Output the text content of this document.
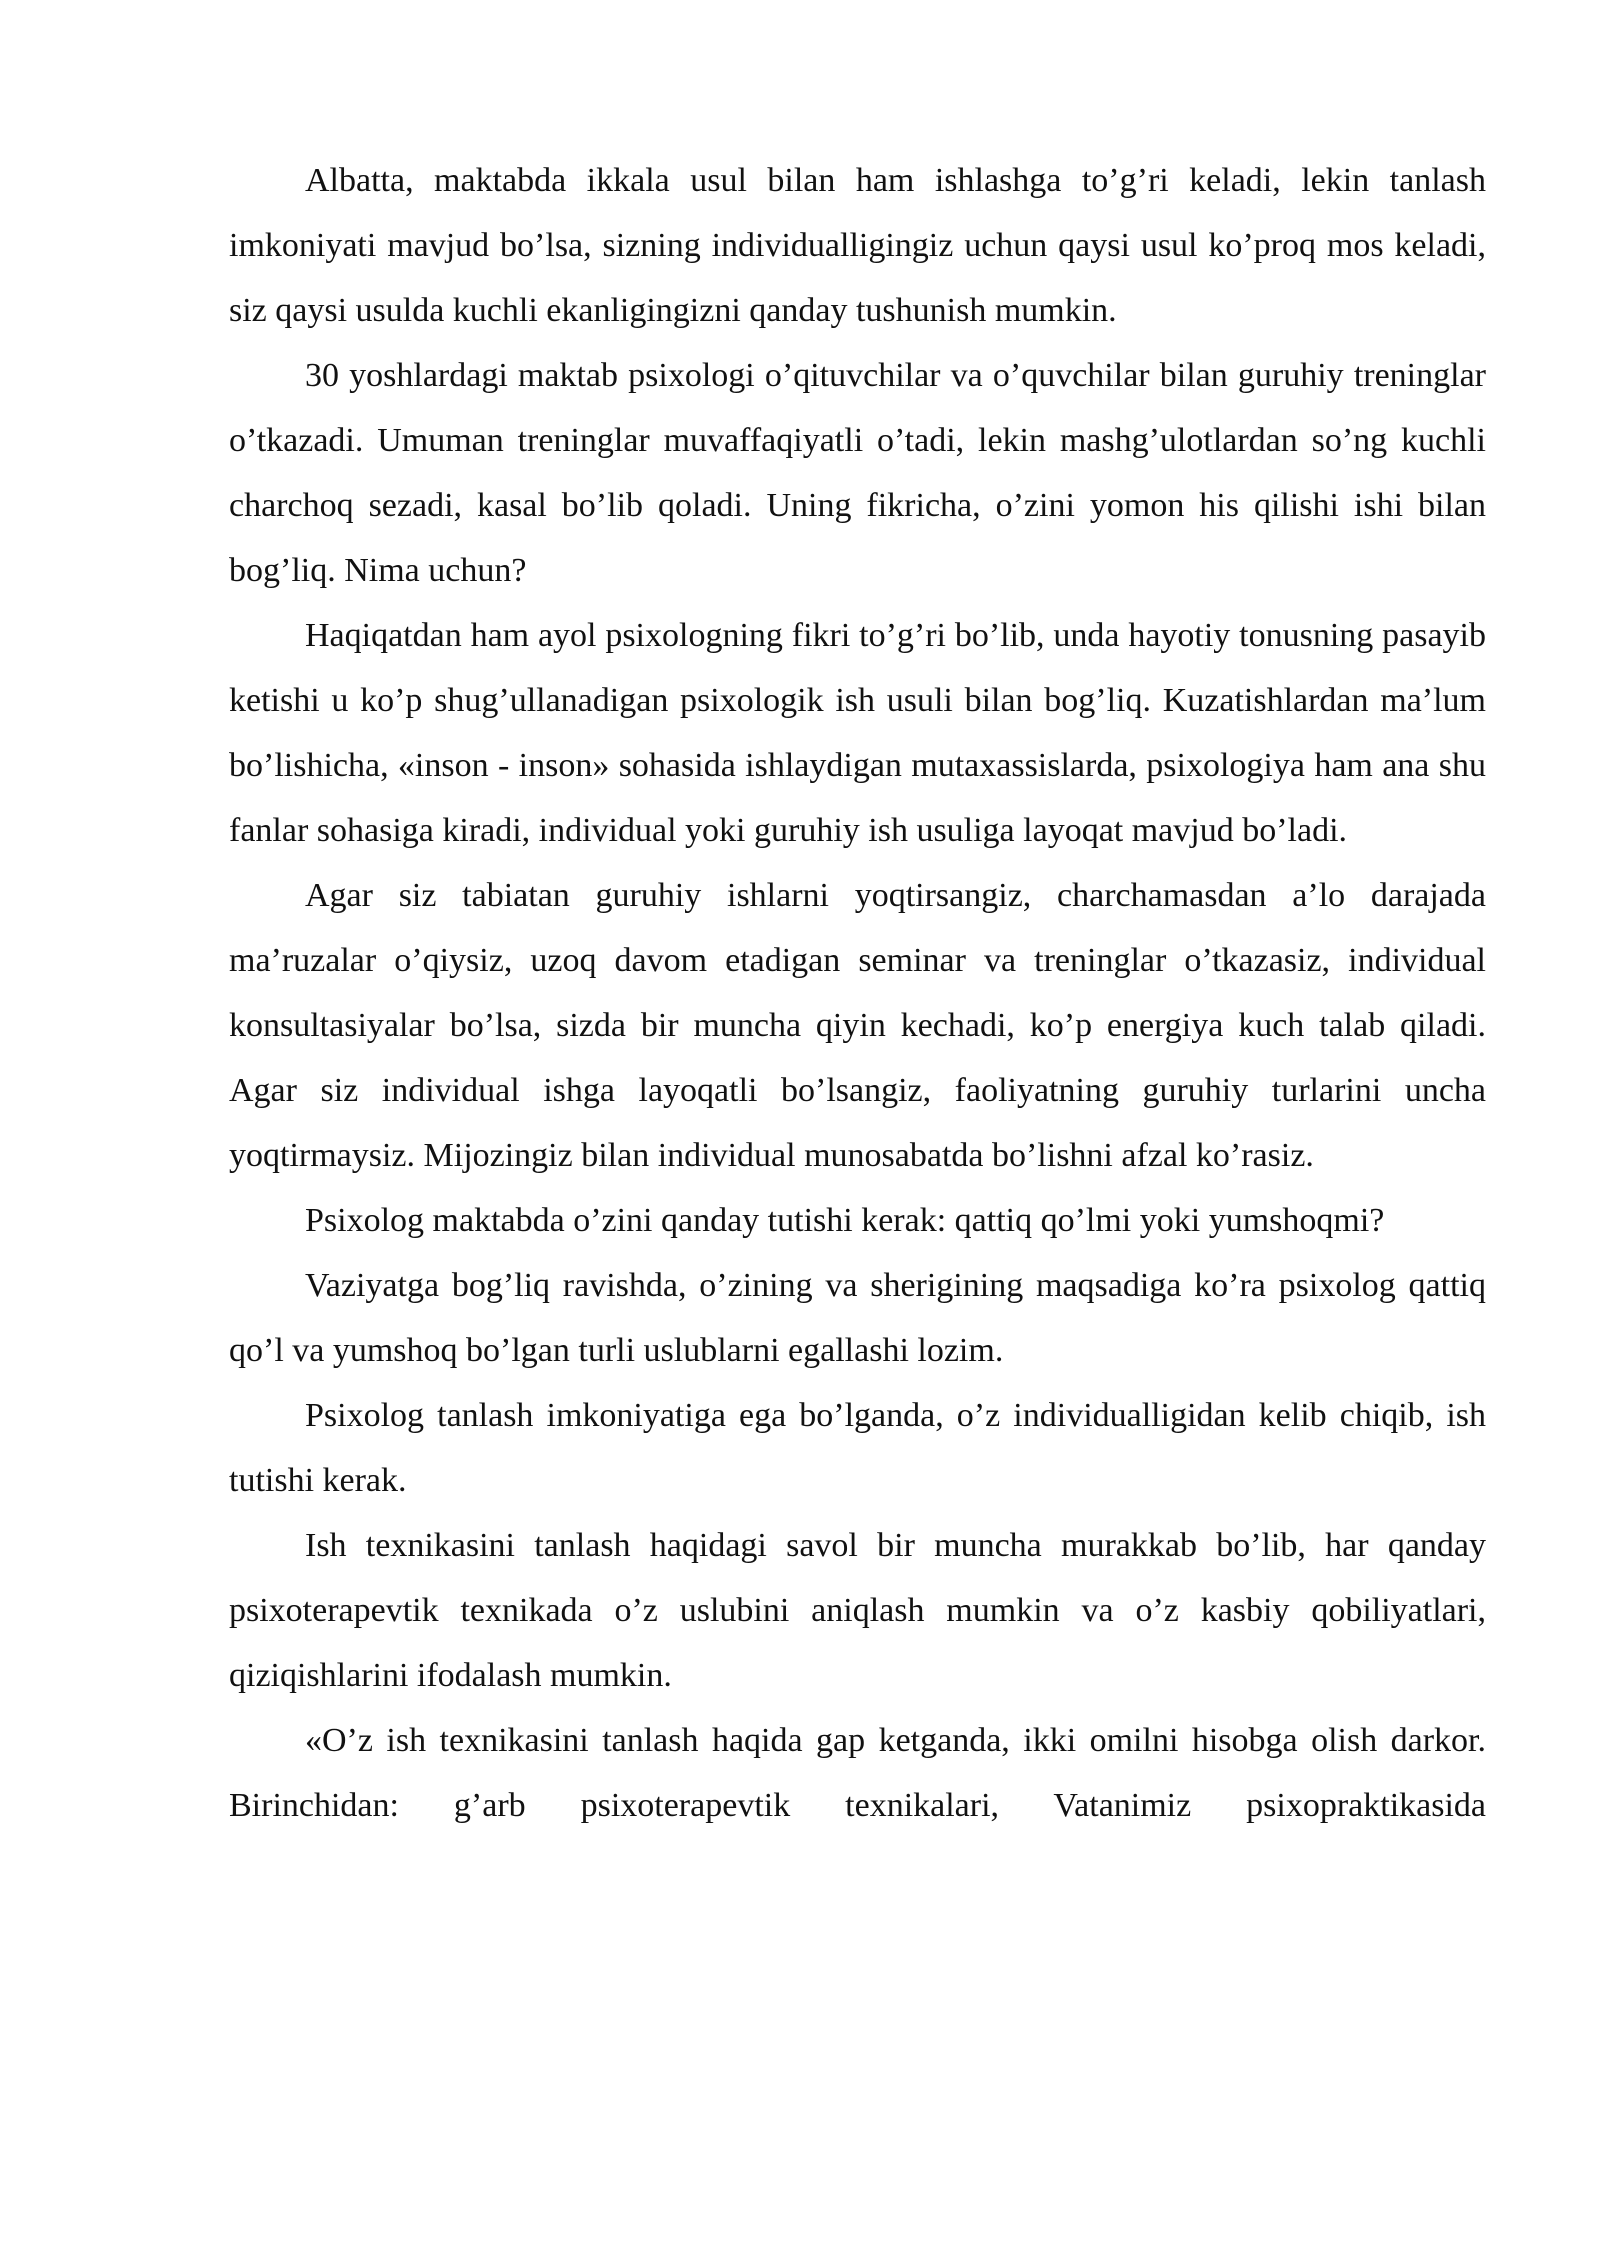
Albatta, maktabda ikkala usul bilan ham ishlashga to’g’ri keladi, lekin tanlash imkoniyati mavjud bo’lsa, sizning individualligingiz uchun qaysi usul ko’proq mos keladi, siz qaysi usulda kuchli ekanligingizni qanday tushunish mumkin.

30 yoshlardagi maktab psixologi o’qituvchilar va o’quvchilar bilan guruhiy treninglar o’tkazadi. Umuman treninglar muvaffaqiyatli o’tadi, lekin mashg’ulotlardan so’ng kuchli charchoq sezadi, kasal bo’lib qoladi. Uning fikricha, o’zini yomon his qilishi ishi bilan bog’liq. Nima uchun?

Haqiqatdan ham ayol psixologning fikri to’g’ri bo’lib, unda hayotiy tonusning pasayib ketishi u ko’p shug’ullanadigan psixologik ish usuli bilan bog’liq. Kuzatishlardan ma’lum bo’lishicha, «inson - inson» sohasida ishlaydigan mutaxassislarda, psixologiya ham ana shu fanlar sohasiga kiradi, individual yoki guruhiy ish usuliga layoqat mavjud bo’ladi.

Agar siz tabiatan guruhiy ishlarni yoqtirsangiz, charchamasdan a’lo darajada ma’ruzalar o’qiysiz, uzoq davom etadigan seminar va treninglar o’tkazasiz, individual konsultasiyalar bo’lsa, sizda bir muncha qiyin kechadi, ko’p energiya kuch talab qiladi. Agar siz individual ishga layoqatli bo’lsangiz, faoliyatning guruhiy turlarini uncha yoqtirmaysiz. Mijozingiz bilan individual munosabatda bo’lishni afzal ko’rasiz.

Psixolog maktabda o’zini qanday tutishi kerak: qattiq qo’lmi yoki yumshoqmi?

Vaziyatga bog’liq ravishda, o’zining va sherigining maqsadiga ko’ra psixolog qattiq qo’l va yumshoq bo’lgan turli uslublarni egallashi lozim.

Psixolog tanlash imkoniyatiga ega bo’lganda, o’z individualligidan kelib chiqib, ish tutishi kerak.

Ish texnikasini tanlash haqidagi savol bir muncha murakkab bo’lib, har qanday psixoterapevtik texnikada o’z uslubini aniqlash mumkin va o’z kasbiy qobiliyatlari, qiziqishlarini ifodalash mumkin.

«O’z ish texnikasini tanlash haqida gap ketganda, ikki omilni hisobga olish darkor. Birinchidan: g’arb psixoterapevtik texnikalari, Vatanimiz psixopraktikasida
